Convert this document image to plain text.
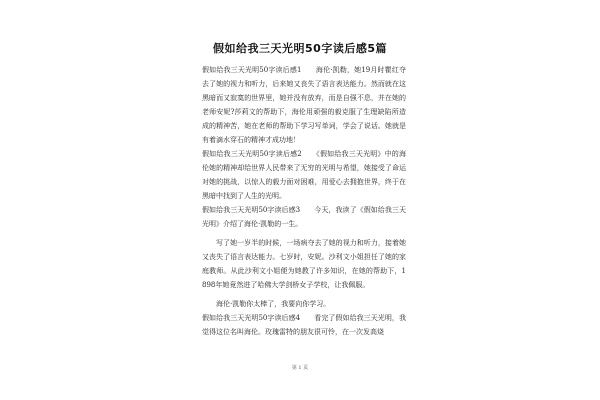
假如给我三天光明50字读后感5篇

假如给我三天光明50字读后感1　　海伦·凯勒，她19月时瞿红夺去了她的视力和听力，后来她又丧失了语言表达能力。然而就在这黑暗而又寂寞的世界里，她并没有放弃，而是自强不息，并在她的老师安妮?莎莉文的帮助下，海伦用顽强的毅克服了生理缺陷所造成的精神苦，她在老师的帮助下学习写单词，学会了说话。她就是有着滴水穿石的精神才成功地！

假如给我三天光明50字读后感2　　《假如给我三天光明》中的海伦她的精神却给世界人民带来了无穷的光明与希望，她接受了命运对她的挑战，以惊人的毅力面对困难，用爱心去拥抱世界，终于在黑暗中找到了人生的光明。

假如给我三天光明50字读后感3　　今天，我读了《假如给我三天光明》介绍了海伦·凯勒的一生。

写了她一岁半的时候，一场病夺去了她的视力和听力，接着她又丧失了语言表达能力。七岁时，安妮。沙利文小姐担任了她的家庭教师。从此沙利文小姐便为她教了许多知识，在她的帮助下，1898年她竟然进了哈佛大学剑桥女子学校，让我佩服。

海伦·凯勒你太棒了，我要向你学习。

假如给我三天光明50字读后感4　　看完了假如给我三天光明，我觉得这位名叫海伦。玫瑰雷特的朋友很可怜，在一次发高烧

第 1 页
